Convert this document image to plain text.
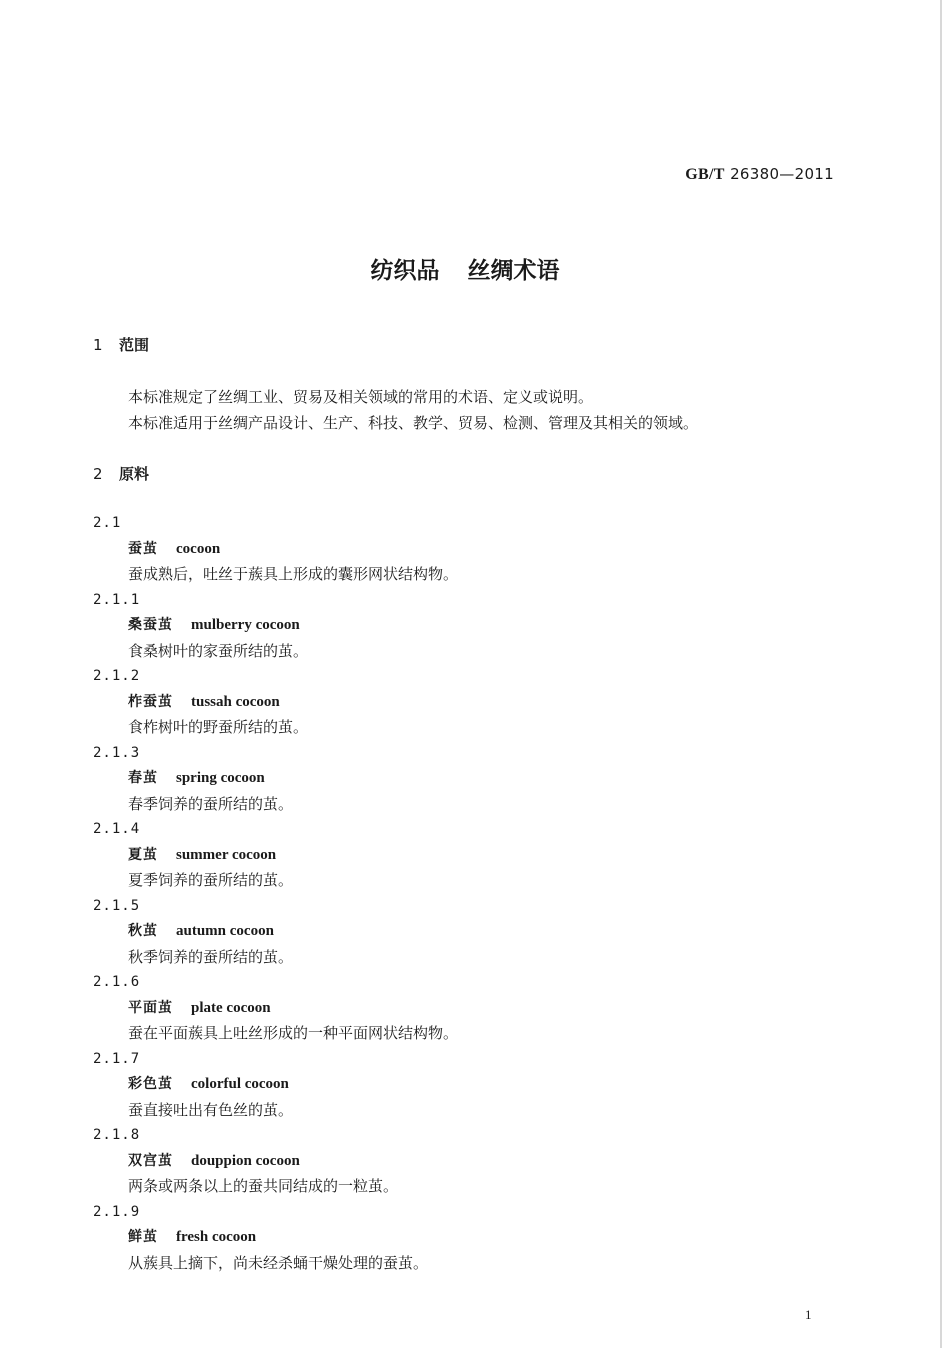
GB/T 26380—2011
纺织品 丝绸术语
1 范围
本标准规定了丝绸工业、贸易及相关领域的常用的术语、定义或说明。
本标准适用于丝绸产品设计、生产、科技、教学、贸易、检测、管理及其相关的领域。
2 原料
2.1
蚕茧 cocoon
蚕成熟后，吐丝于蔟具上形成的囊形网状结构物。
2.1.1
桑蚕茧 mulberry cocoon
食桑树叶的家蚕所结的茧。
2.1.2
柞蚕茧 tussah cocoon
食柞树叶的野蚕所结的茧。
2.1.3
春茧 spring cocoon
春季饲养的蚕所结的茧。
2.1.4
夏茧 summer cocoon
夏季饲养的蚕所结的茧。
2.1.5
秋茧 autumn cocoon
秋季饲养的蚕所结的茧。
2.1.6
平面茧 plate cocoon
蚕在平面蔟具上吐丝形成的一种平面网状结构物。
2.1.7
彩色茧 colorful cocoon
蚕直接吐出有色丝的茧。
2.1.8
双宫茧 douppion cocoon
两条或两条以上的蚕共同结成的一粒茧。
2.1.9
鲜茧 fresh cocoon
从蔟具上摘下，尚未经杀蛹干燥处理的蚕茧。
1
